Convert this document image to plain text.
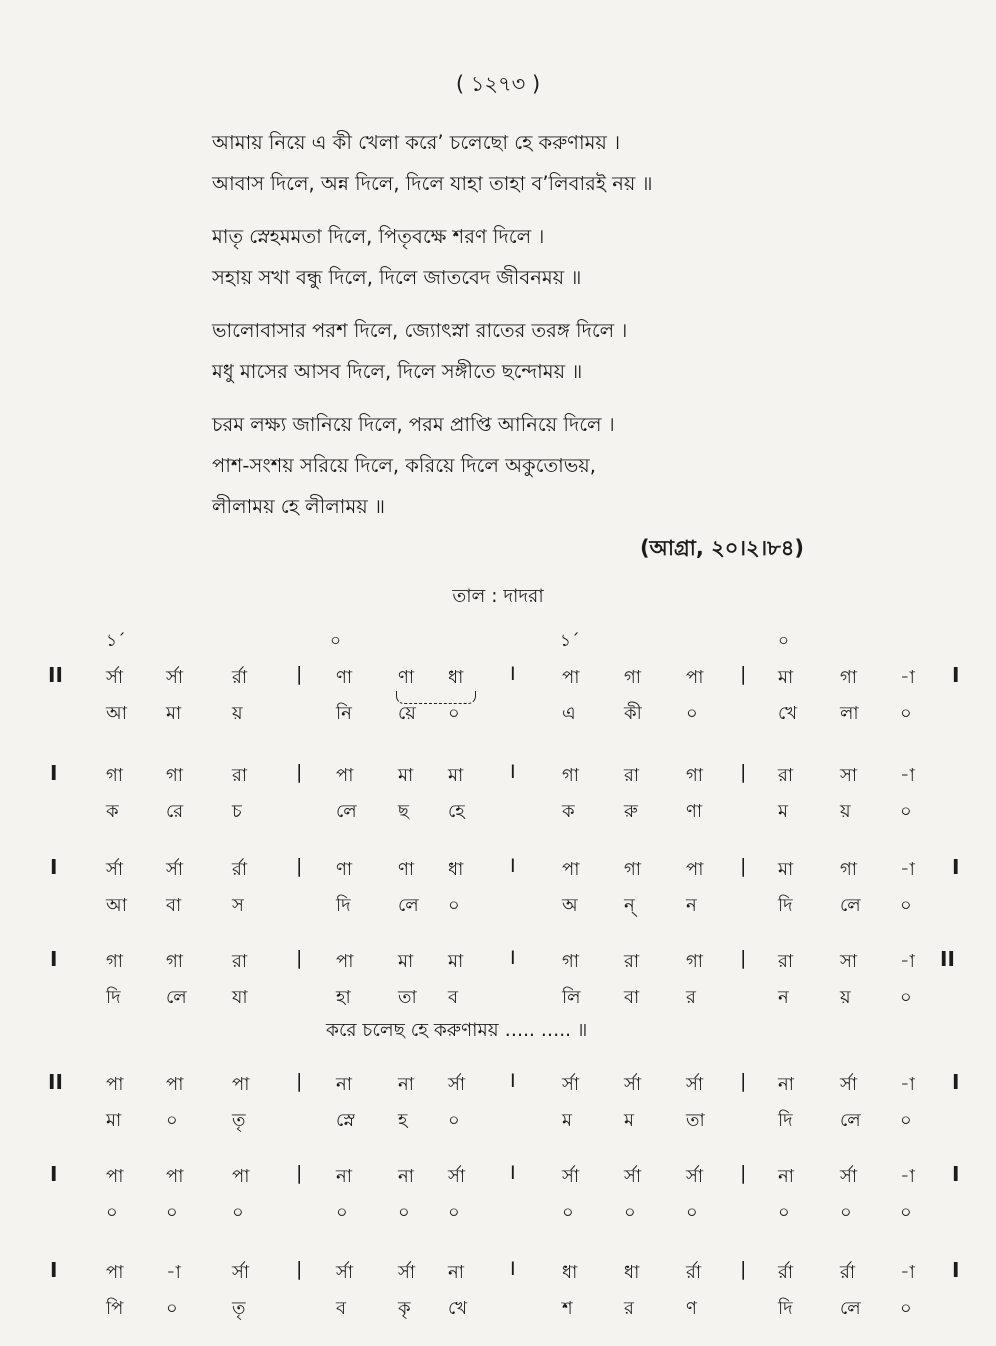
( ১২৭৩ )
আমায় নিয়ে এ কী খেলা করে’ চলেছো হে করুণাময় ।
আবাস দিলে, অন্ন দিলে, দিলে যাহা তাহা ব’লিবারই নয় ॥
মাতৃ স্নেহমমতা দিলে, পিতৃবক্ষে শরণ দিলে ।
সহায় সখা বন্ধু দিলে, দিলে জাতবেদ জীবনময় ॥
ভালোবাসার পরশ দিলে, জ্যোৎস্না রাতের তরঙ্গ দিলে ।
মধু মাসের আসব দিলে, দিলে সঙ্গীতে ছন্দোময় ॥
চরম লক্ষ্য জানিয়ে দিলে, পরম প্রাপ্তি আনিয়ে দিলে ।
পাশ-সংশয় সরিয়ে দিলে, করিয়ে দিলে অকুতোভয়,
লীলাময় হে লীলাময় ॥
(আগ্রা, ২০।২।৮৪)
তাল : দাদরা
১´	০	১´	০
II	|	I	|	I
র্সা র্সা	র্রা	ণা	ণা ধা	পা গা পা	মা	গা -া
আ মা	য়	নি	য়ে ০	এ	কী ০	খে লা ০
I	|	I	|
গা গা	রা	পা মা মা	গা রা	গা	রা	সা -া
ক	রে	চ	লে ছ হে	ক	রু	ণা	ম	য়	০
I	|	I	|	I
র্সা র্সা	র্রা	ণা	ণা ধা	পা গা পা	মা	গা -া
আ বা	স	দি	লে ০	অ	ন্	ন	দি	লে ০
I	|	I	|	II
গা গা	রা	পা মা মা	গা রা	গা	রা	সা -া
দি	লে	যা	হা	তা ব	লি বা	র	ন	য়	০
করে চলেছ হে করুণাময় ….. ….. ॥
II	|	I	|	I
পা পা	পা	না	না র্সা	র্সা র্সা র্সা	না	র্সা -া
মা ০	তৃ	স্নে হ ০	ম	ম	তা	দি	লে ০
I	|	I	|	I
পা পা	পা	না	না র্সা	র্সা র্সা র্সা	না	র্সা -া
০	০	০	০	০ ০	০	০	০	০	০	০
I	|	I	|	I
পা -া	র্সা	র্সা র্সা না	ধা	ধা	র্রা	র্রা	র্রা -া
পি ০	তৃ	ব	কৃ খে	শ	র	ণ	দি	লে ০
